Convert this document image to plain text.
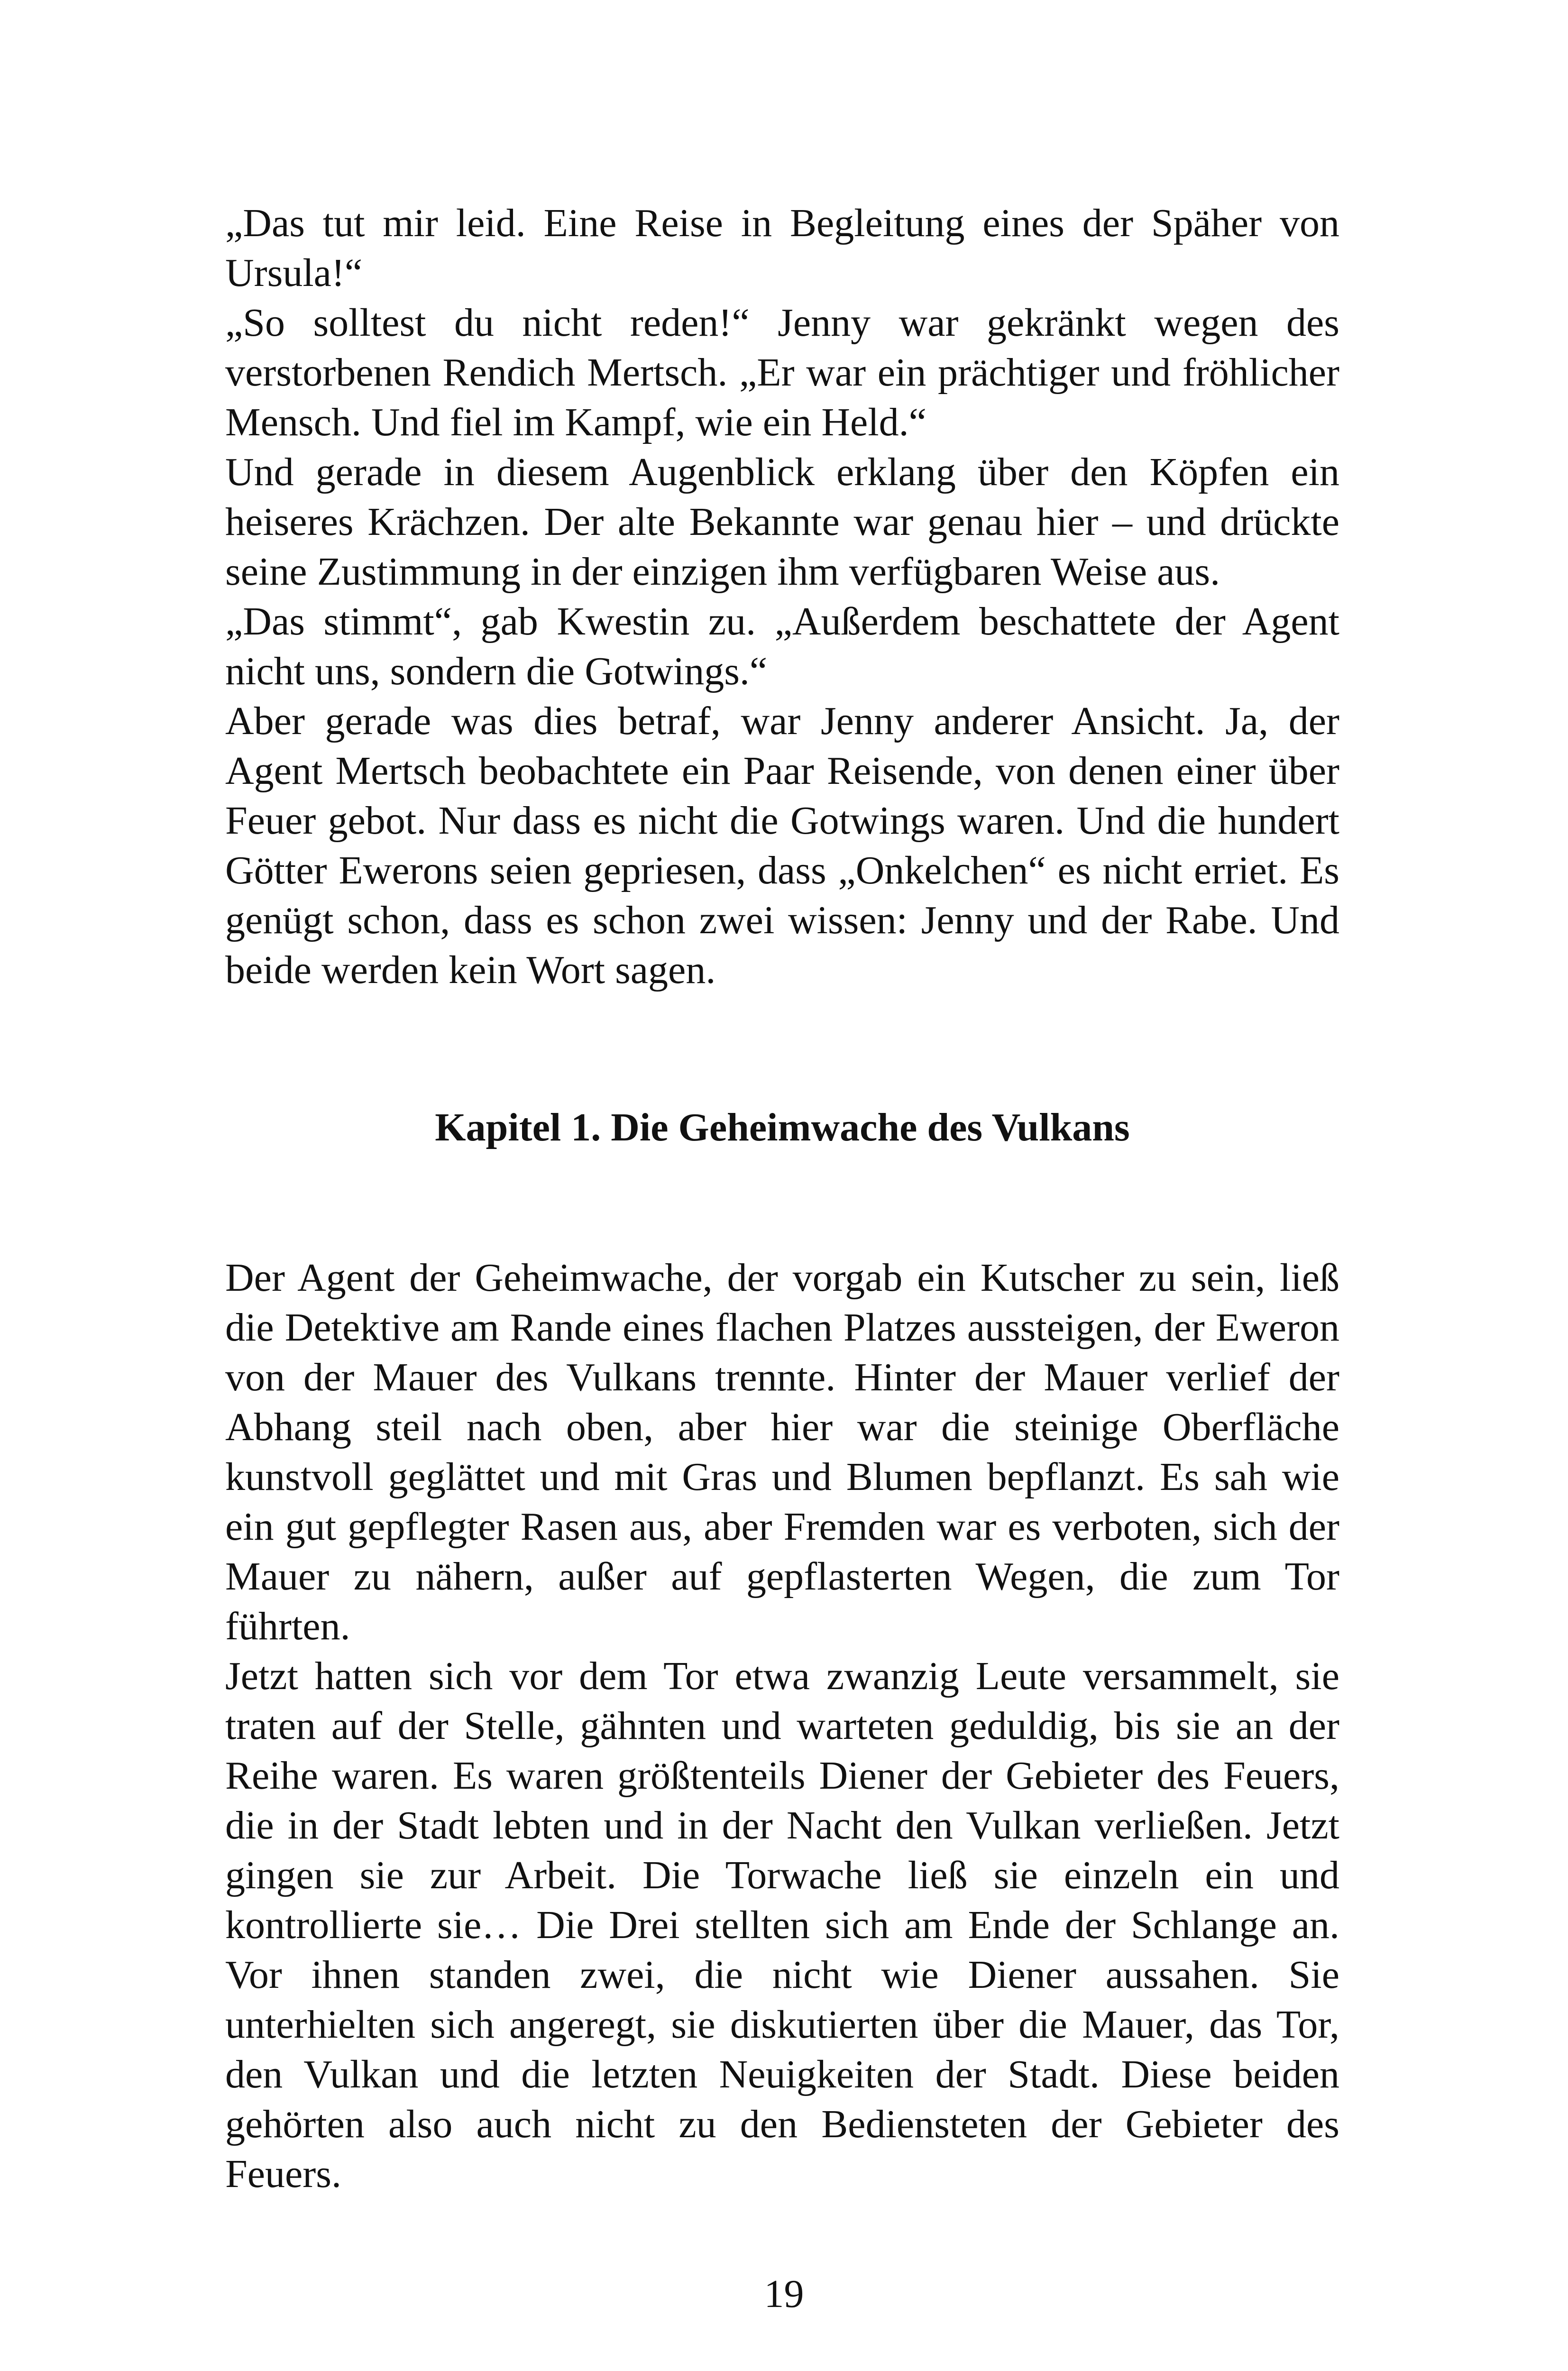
„Das tut mir leid. Eine Reise in Begleitung eines der Späher von Ursula!“

„So solltest du nicht reden!“ Jenny war gekränkt wegen des verstorbenen Rendich Mertsch. „Er war ein prächtiger und fröhlicher Mensch. Und fiel im Kampf, wie ein Held.“

Und gerade in diesem Augenblick erklang über den Köpfen ein heiseres Krächzen. Der alte Bekannte war genau hier – und drückte seine Zustimmung in der einzigen ihm verfügbaren Weise aus.

„Das stimmt“, gab Kwestin zu. „Außerdem beschattete der Agent nicht uns, sondern die Gotwings.“

Aber gerade was dies betraf, war Jenny anderer Ansicht. Ja, der Agent Mertsch beobachtete ein Paar Reisende, von denen einer über Feuer gebot. Nur dass es nicht die Gotwings waren. Und die hundert Götter Ewerons seien gepriesen, dass „Onkelchen“ es nicht erriet. Es genügt schon, dass es schon zwei wissen: Jenny und der Rabe. Und beide werden kein Wort sagen.

Kapitel 1. Die Geheimwache des Vulkans

Der Agent der Geheimwache, der vorgab ein Kutscher zu sein, ließ die Detektive am Rande eines flachen Platzes aussteigen, der Eweron von der Mauer des Vulkans trennte. Hinter der Mauer verlief der Abhang steil nach oben, aber hier war die steinige Oberfläche kunstvoll geglättet und mit Gras und Blumen bepflanzt. Es sah wie ein gut gepflegter Rasen aus, aber Fremden war es verboten, sich der Mauer zu nähern, außer auf gepflasterten Wegen, die zum Tor führten.

Jetzt hatten sich vor dem Tor etwa zwanzig Leute versammelt, sie traten auf der Stelle, gähnten und warteten geduldig, bis sie an der Reihe waren. Es waren größtenteils Diener der Gebieter des Feuers, die in der Stadt lebten und in der Nacht den Vulkan verließen. Jetzt gingen sie zur Arbeit. Die Torwache ließ sie einzeln ein und kontrollierte sie… Die Drei stellten sich am Ende der Schlange an. Vor ihnen standen zwei, die nicht wie Diener aussahen. Sie unterhielten sich angeregt, sie diskutierten über die Mauer, das Tor, den Vulkan und die letzten Neuigkeiten der Stadt. Diese beiden gehörten also auch nicht zu den Bediensteten der Gebieter des Feuers.

19
